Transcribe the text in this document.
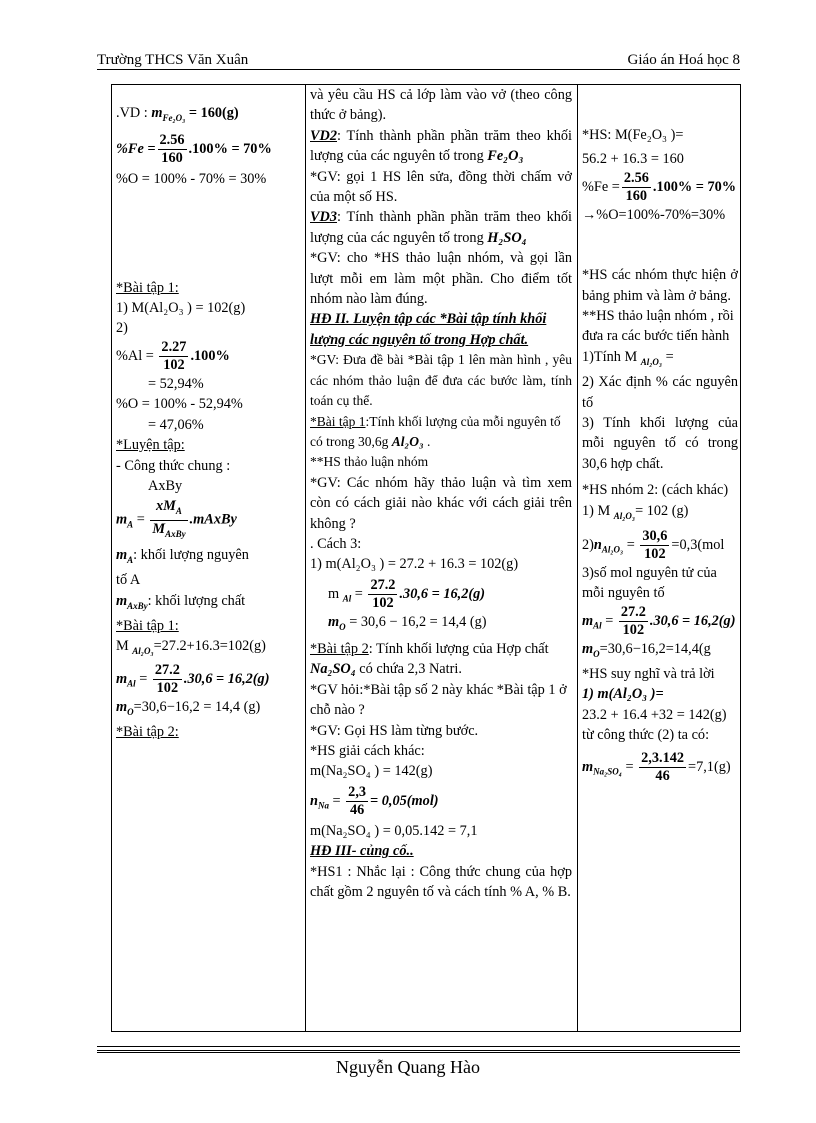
Trường THCS Văn Xuân	Giáo án Hoá học 8
.VD : $m_{Fe_2O_3} = 160(g)$
$\%Fe = \frac{2.56}{160} .100\% = 70\%$
%O = 100% - 70% = 30%
*Bài tập 1:
1) M(Al₂O₃ ) = 102(g)
2)
$\%Al = \frac{2.27}{102} .100\%$
= 52,94%
%O = 100% - 52,94%
= 47,06%
*Luyện tập:
- Công thức chung :
AxBy
$m_A = \frac{xM_A}{M_{AxBy}}$ .mAxBy
$m_A$: khối lượng nguyên
tố A
$m_{AxBy}$: khối lượng chất
*Bài tập 1:
M $_{Al_2O_3}$=27.2+16.3=102(g)
$m_{Al} = \frac{27.2}{102} .30,6 = 16,2(g)$
$m_O=30,6-16,2 = 14,4$ (g)
*Bài tập 2:
và yêu cầu HS cả lớp làm vào vở (theo công thức ở bảng).
VD2: Tính thành phần phần trăm theo khối lượng của các nguyên tố trong Fe₂O₃
*GV: gọi 1 HS lên sửa, đồng thời chấm vở của một số HS.
VD3: Tính thành phần phần trăm theo khối lượng của các nguyên tố trong H₂SO₄
*GV: cho *HS thảo luận nhóm, và gọi lần lượt mỗi em làm một phần. Cho điểm tốt nhóm nào làm đúng.
HĐ II. Luyện tập các *Bài tập tính khối lượng các nguyên tố trong Hợp chất.
*GV: Đưa đề bài *Bài tập 1 lên màn hình , yêu các nhóm thảo luận để đưa các bước làm, tính toán cụ thể.
*Bài tập 1:Tính khối lượng của mỗi nguyên tố có trong 30,6g Al₂O₃ .
**HS thảo luận nhóm
*GV: Các nhóm hãy thảo luận và tìm xem còn có cách giải nào khác với cách giải trên không ?
. Cách 3:
1) m(Al₂O₃ ) = 27.2 + 16.3 = 102(g)
m $_{Al} = \frac{27.2}{102} .30,6 = 16,2(g)$
$m_O = 30,6 - 16,2 = 14,4$ (g)
*Bài tập 2: Tính khối lượng của Hợp chất Na₂SO₄ có chứa 2,3 Natri.
*GV hỏi:*Bài tập số 2 này khác *Bài tập 1 ở chỗ nào ?
*GV: Gọi HS làm từng bước.
*HS giải cách khác:
m(Na₂SO₄ ) = 142(g)
$n_{Na} = \frac{2,3}{46} = 0,05(mol)$
m(Na₂SO₄ ) = 0,05.142 = 7,1
HĐ III- củng cố..
*HS1 : Nhắc lại : Công thức chung của hợp chất gồm 2 nguyên tố và cách tính % A, % B.
*HS: M(Fe₂O₃ )=
56.2 + 16.3 = 160
$\%Fe = \frac{2.56}{160} .100\% = 70\%$
→%O=100%-70%=30%
*HS các nhóm thực hiện ở bảng phim và làm ở bảng.
**HS thảo luận nhóm , rồi đưa ra các bước tiến hành
1)Tính M $_{Al_2O_3}$ =
2) Xác định % các nguyên tố
3) Tính khối lượng của mỗi nguyên tố có trong 30,6 hợp chất.
*HS nhóm 2: (cách khác)
1) M $_{Al_2O_3}$= 102 (g)
$2)n_{Al_2O_3} = \frac{30,6}{102} =0,3(mol$
3)số mol nguyên tử của mỗi nguyên tố
$m_{Al} = \frac{27.2}{102} .30,6 = 16,2(g)$
$m_O=30,6-16,2=14,4(g$
*HS suy nghĩ và trả lời
1) m(Al₂O₃ )=
23.2 + 16.4 +32 = 142(g)
từ công thức (2) ta có:
$m_{Na_2SO_4} = \frac{2,3.142}{46} =7,1(g)$
Nguyễn Quang Hào
